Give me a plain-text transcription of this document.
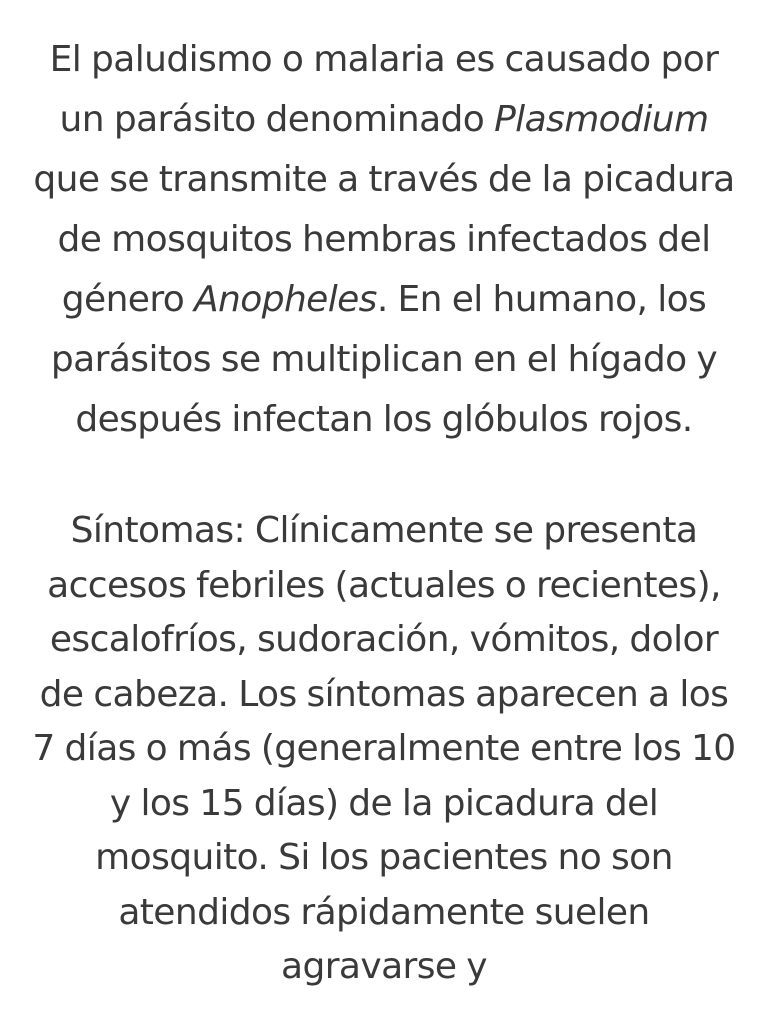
El paludismo o malaria es causado por un parásito denominado Plasmodium que se transmite a través de la picadura de mosquitos hembras infectados del género Anopheles. En el humano, los parásitos se multiplican en el hígado y después infectan los glóbulos rojos.

Síntomas: Clínicamente se presenta accesos febriles (actuales o recientes), escalofríos, sudoración, vómitos, dolor de cabeza. Los síntomas aparecen a los 7 días o más (generalmente entre los 10 y los 15 días) de la picadura del mosquito. Si los pacientes no son atendidos rápidamente suelen agravarse y
